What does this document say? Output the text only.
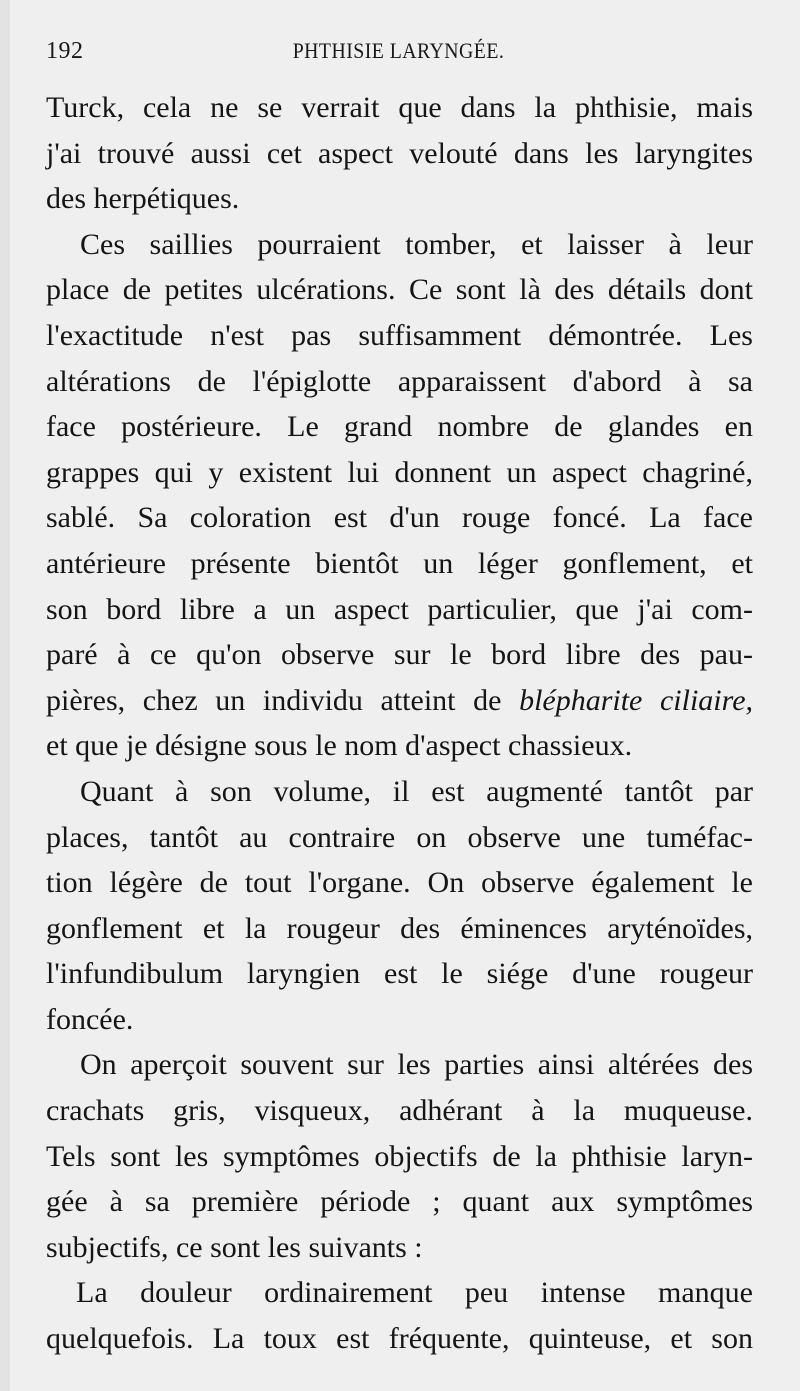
192	PHTHISIE LARYNGÉE.
Turck, cela ne se verrait que dans la phthisie, mais
j'ai trouvé aussi cet aspect velouté dans les laryngites
des herpétiques.
Ces saillies pourraient tomber, et laisser à leur
place de petites ulcérations. Ce sont là des détails dont
l'exactitude n'est pas suffisamment démontrée. Les
altérations de l'épiglotte apparaissent d'abord à sa
face postérieure. Le grand nombre de glandes en
grappes qui y existent lui donnent un aspect chagriné,
sablé. Sa coloration est d'un rouge foncé. La face
antérieure présente bientôt un léger gonflement, et
son bord libre a un aspect particulier, que j'ai com-
paré à ce qu'on observe sur le bord libre des pau-
pières, chez un individu atteint de blépharite ciliaire,
et que je désigne sous le nom d'aspect chassieux.
Quant à son volume, il est augmenté tantôt par
places, tantôt au contraire on observe une tuméfac-
tion légère de tout l'organe. On observe également le
gonflement et la rougeur des éminences aryténoïdes,
l'infundibulum laryngien est le siége d'une rougeur
foncée.
On aperçoit souvent sur les parties ainsi altérées des
crachats gris, visqueux, adhérant à la muqueuse.
Tels sont les symptômes objectifs de la phthisie laryn-
gée à sa première période ; quant aux symptômes
subjectifs, ce sont les suivants :
La douleur ordinairement peu intense manque
quelquefois. La toux est fréquente, quinteuse, et son
